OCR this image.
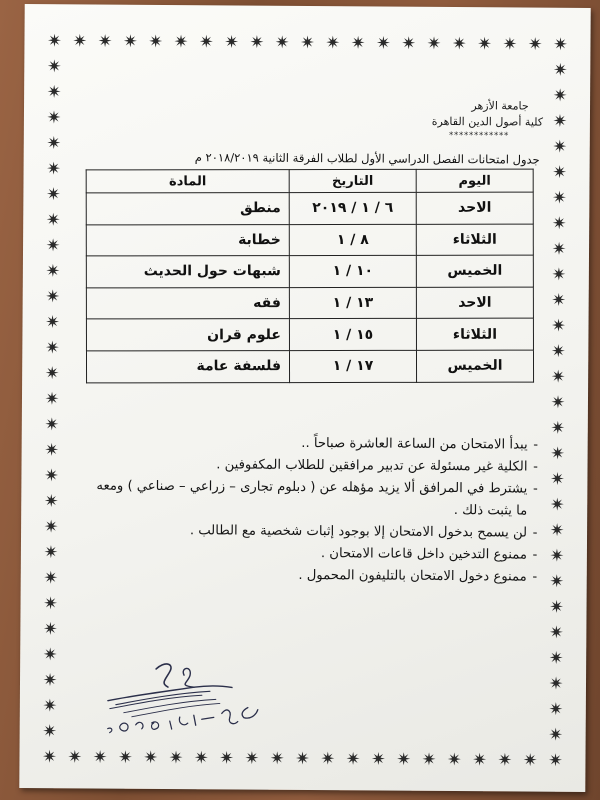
جامعة الأزهر
كلية أصول الدين القاهرة
************
جدول امتحانات الفصل الدراسي الأول لطلاب الفرقة الثانية ٢٠١٨/٢٠١٩ م
اليوم	التاريخ	المادة
الاحد	٦ / ١ / ٢٠١٩	منطق
الثلاثاء	٨ / ١	خطابة
الخميس	١٠ / ١	شبهات حول الحديث
الاحد	١٣ / ١	فقه
الثلاثاء	١٥ / ١	علوم قران
الخميس	١٧ / ١	فلسفة عامة
-
يبدأ الامتحان من الساعة العاشرة صباحاً ..
-
الكلية غير مسئولة عن تدبير مرافقين للطلاب المكفوفين .
-
يشترط في المرافق ألا يزيد مؤهله عن ( دبلوم تجارى – زراعي – صناعي ) ومعه ما يثبت ذلك .
-
لن يسمح بدخول الامتحان إلا بوجود إثبات شخصية مع الطالب .
-
ممنوع التدخين داخل قاعات الامتحان .
-
ممنوع دخول الامتحان بالتليفون المحمول .
